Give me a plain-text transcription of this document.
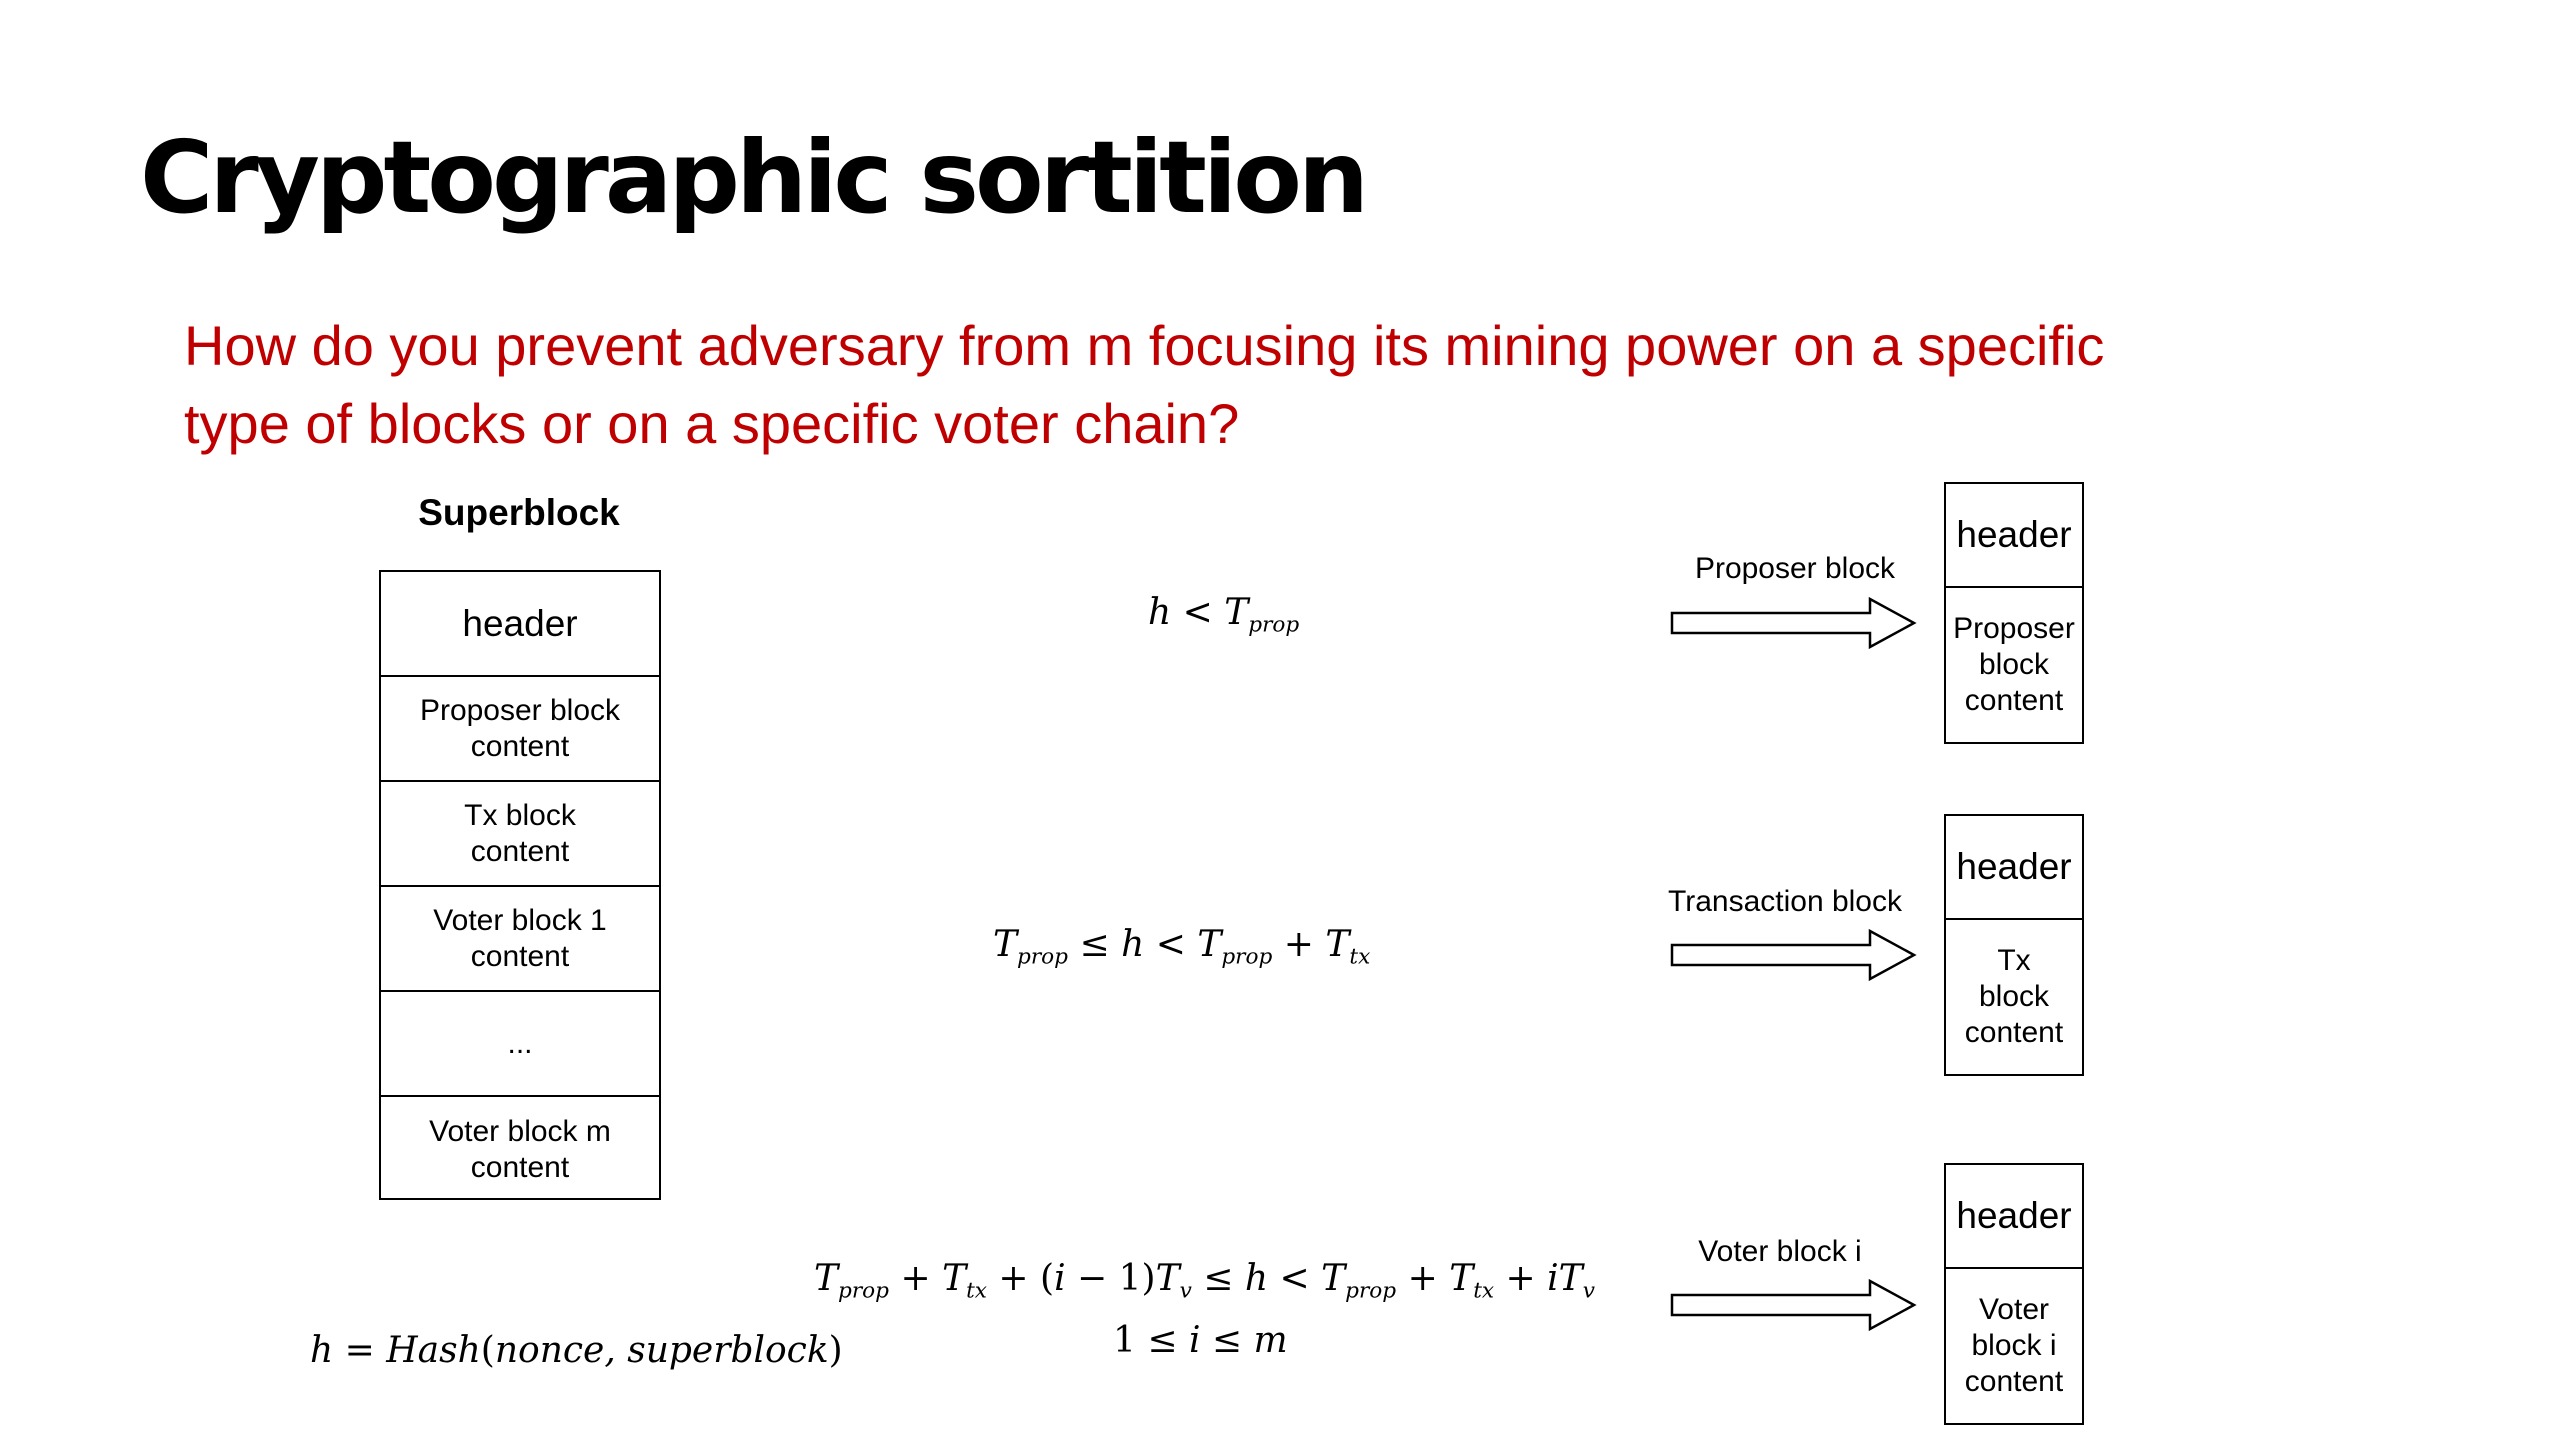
Cryptographic sortition
How do you prevent adversary from m focusing its mining power on a specific
type of blocks or on a specific voter chain?
Superblock
header
Proposer block
content
Tx block
content
Voter block 1
content
...
Voter block m
content
$h < T_{prop}$
$T_{prop} \le h < T_{prop} + T_{tx}$
$T_{prop} + T_{tx} + (i - 1)T_v \le h < T_{prop} + T_{tx} + iT_v$
1 ≤ i ≤ m
h = Hash(nonce, superblock)
Proposer block
header
Proposer
block
content
Transaction block
header
Tx
block
content
Voter block i
header
Voter
block i
content
